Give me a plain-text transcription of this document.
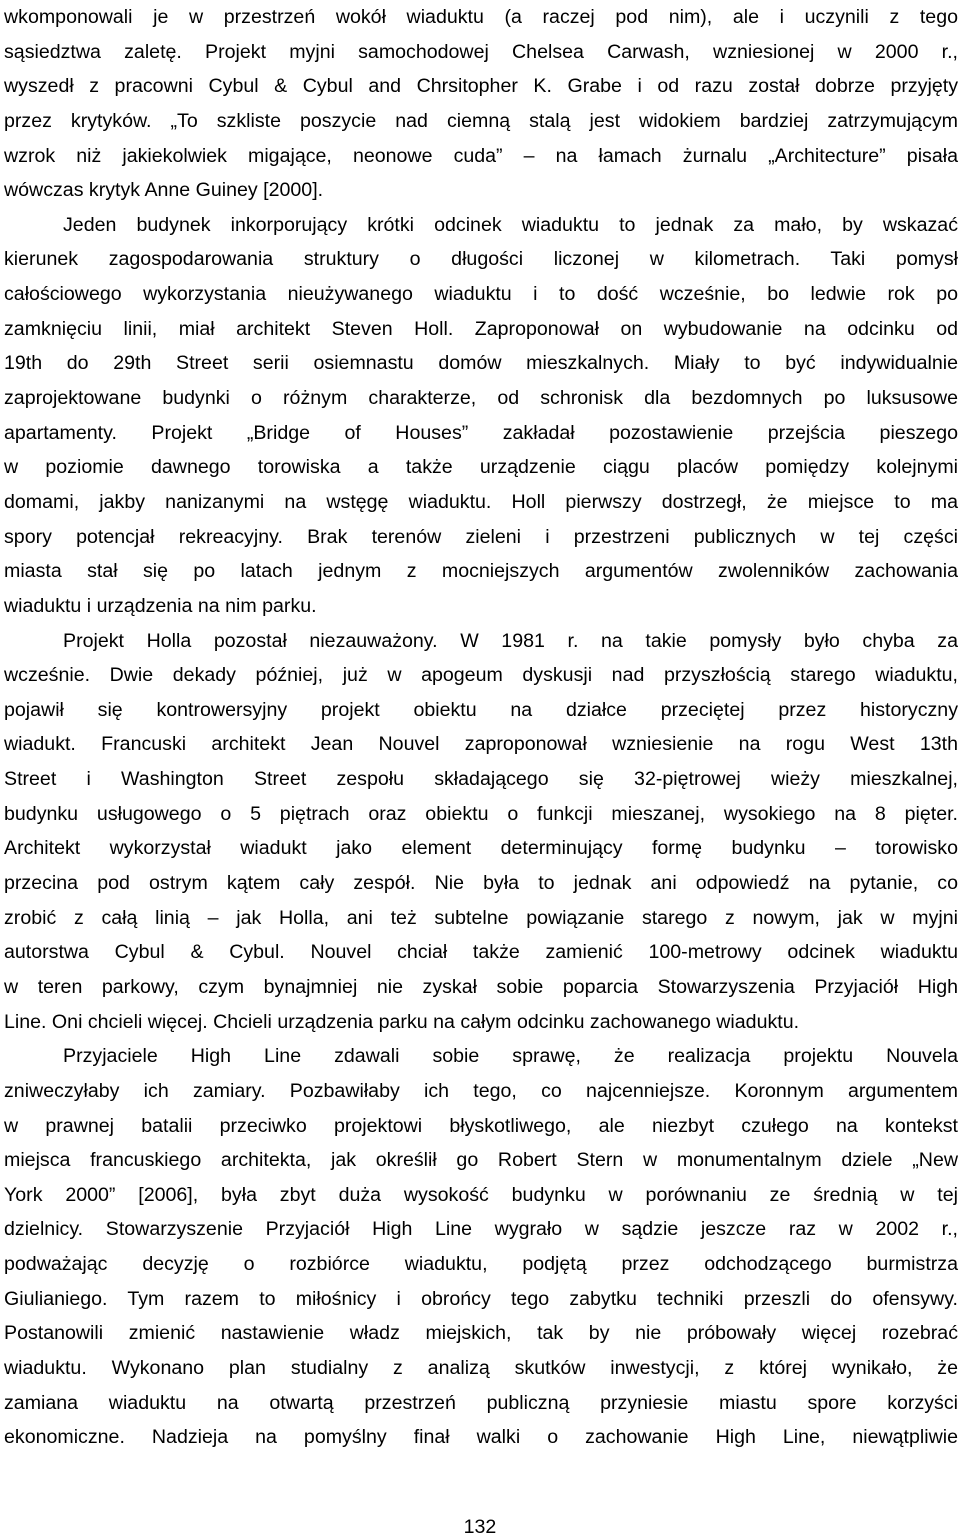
wkomponowali je w przestrzeń wokół wiaduktu (a raczej pod nim), ale i uczynili z tego
sąsiedztwa zaletę. Projekt myjni samochodowej Chelsea Carwash, wzniesionej w 2000 r.,
wyszedł z pracowni Cybul & Cybul and Chrsitopher K. Grabe i od razu został dobrze przyjęty
przez krytyków. „To szkliste poszycie nad ciemną stalą jest widokiem bardziej zatrzymującym
wzrok niż jakiekolwiek migające, neonowe cuda” – na łamach żurnalu „Architecture” pisała
wówczas krytyk Anne Guiney [2000].
Jeden budynek inkorporujący krótki odcinek wiaduktu to jednak za mało, by wskazać
kierunek zagospodarowania struktury o długości liczonej w kilometrach. Taki pomysł
całościowego wykorzystania nieużywanego wiaduktu i to dość wcześnie, bo ledwie rok po
zamknięciu linii, miał architekt Steven Holl. Zaproponował on wybudowanie na odcinku od
19th do 29th Street serii osiemnastu domów mieszkalnych. Miały to być indywidualnie
zaprojektowane budynki o różnym charakterze, od schronisk dla bezdomnych po luksusowe
apartamenty. Projekt „Bridge of Houses” zakładał pozostawienie przejścia pieszego
w poziomie dawnego torowiska a także urządzenie ciągu placów pomiędzy kolejnymi
domami, jakby nanizanymi na wstęgę wiaduktu. Holl pierwszy dostrzegł, że miejsce to ma
spory potencjał rekreacyjny. Brak terenów zieleni i przestrzeni publicznych w tej części
miasta stał się po latach jednym z mocniejszych argumentów zwolenników zachowania
wiaduktu i urządzenia na nim parku.
Projekt Holla pozostał niezauważony. W 1981 r. na takie pomysły było chyba za
wcześnie. Dwie dekady później, już w apogeum dyskusji nad przyszłością starego wiaduktu,
pojawił się kontrowersyjny projekt obiektu na działce przeciętej przez historyczny
wiadukt. Francuski architekt Jean Nouvel zaproponował wzniesienie na rogu West 13th
Street i Washington Street zespołu składającego się 32-piętrowej wieży mieszkalnej,
budynku usługowego o 5 piętrach oraz obiektu o funkcji mieszanej, wysokiego na 8 pięter.
Architekt wykorzystał wiadukt jako element determinujący formę budynku – torowisko
przecina pod ostrym kątem cały zespół. Nie była to jednak ani odpowiedź na pytanie, co
zrobić z całą linią – jak Holla, ani też subtelne powiązanie starego z nowym, jak w myjni
autorstwa Cybul & Cybul. Nouvel chciał także zamienić 100-metrowy odcinek wiaduktu
w teren parkowy, czym bynajmniej nie zyskał sobie poparcia Stowarzyszenia Przyjaciół High
Line. Oni chcieli więcej. Chcieli urządzenia parku na całym odcinku zachowanego wiaduktu.
Przyjaciele High Line zdawali sobie sprawę, że realizacja projektu Nouvela
zniweczyłaby ich zamiary. Pozbawiłaby ich tego, co najcenniejsze. Koronnym argumentem
w prawnej batalii przeciwko projektowi błyskotliwego, ale niezbyt czułego na kontekst
miejsca francuskiego architekta, jak określił go Robert Stern w monumentalnym dziele „New
York 2000” [2006], była zbyt duża wysokość budynku w porównaniu ze średnią w tej
dzielnicy. Stowarzyszenie Przyjaciół High Line wygrało w sądzie jeszcze raz w 2002 r.,
podważając decyzję o rozbiórce wiaduktu, podjętą przez odchodzącego burmistrza
Giulianiego. Tym razem to miłośnicy i obrońcy tego zabytku techniki przeszli do ofensywy.
Postanowili zmienić nastawienie władz miejskich, tak by nie próbowały więcej rozebrać
wiaduktu. Wykonano plan studialny z analizą skutków inwestycji, z której wynikało, że
zamiana wiaduktu na otwartą przestrzeń publiczną przyniesie miastu spore korzyści
ekonomiczne. Nadzieja na pomyślny finał walki o zachowanie High Line, niewątpliwie
132
